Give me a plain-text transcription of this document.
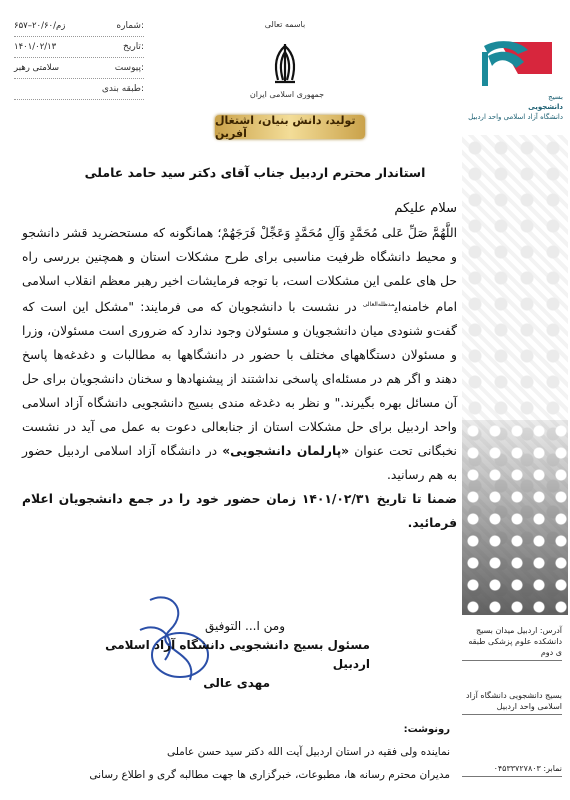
۶۵۷–۲۰/۶۰/زم	شماره:
۱۴۰۱/۰۲/۱۳	تاریخ:
سلامتی رهبر	پیوست:
طبقه بندی:
باسمه تعالی
جمهوری اسلامی ایران
تولید، دانش بنیان، اشتغال آفرین
بسیج
دانشجویی
دانشگاه آزاد اسلامی واحد اردبیل
آدرس: اردبیل میدان بسیج دانشکده علوم پزشکی طبقه ی دوم
بسیج دانشجویی دانشگاه آزاد اسلامی واحد اردبیل
نمابر: ۰۴۵۳۳۷۲۷۸۰۳
استاندار محترم اردبیل جناب آقای دکتر سید حامد عاملی

سلام علیکم

اللَّهُمَّ صَلِّ عَلی مُحَمَّدٍ وَآلِ مُحَمَّدٍ وَعَجِّلْ فَرَجَهُمْ؛ همانگونه که مستحضرید قشر دانشجو و محیط دانشگاه ظرفیت مناسبی برای طرح مشکلات استان و همچنین بررسی راه حل های علمی این مشکلات است، با توجه فرمایشات اخیر رهبر معظم انقلاب اسلامی امام خامنه‌ای$^{مدظله‌العالی}$ در نشست با دانشجویان که می فرمایند: "مشکل این است که گفت‌و شنودی میان دانشجویان و مسئولان وجود ندارد که ضروری است مسئولان، وزرا و مسئولان دستگاههای مختلف با حضور در دانشگاهها به مطالبات و دغدغه‌ها پاسخ دهند و اگر هم در مسئله‌ای پاسخی نداشتند از پیشنهادها و سخنان دانشجویان برای حل آن مسائل بهره بگیرند." و نظر به دغدغه مندی بسیج دانشجویی دانشگاه آزاد اسلامی واحد اردبیل برای حل مشکلات استان از جنابعالی دعوت به عمل می آید در نشست نخبگانی تحت عنوان «پارلمان دانشجویی» در دانشگاه آزاد اسلامی اردبیل حضور به هم رسانید.

ضمنا تا تاریخ ۱۴۰۱/۰۲/۳۱ زمان حضور خود را در جمع دانشجویان اعلام فرمائید.

ومن ا... التوفیق
مسئول بسیج دانشجویی دانشگاه آزاد اسلامی اردبیل
مهدی عالی
رونوشت:
نماینده ولی فقیه در استان اردبیل آیت الله دکتر سید حسن عاملی
مدیران محترم رسانه ها، مطبوعات، خبرگزاری ها جهت مطالبه گری و اطلاع رسانی
